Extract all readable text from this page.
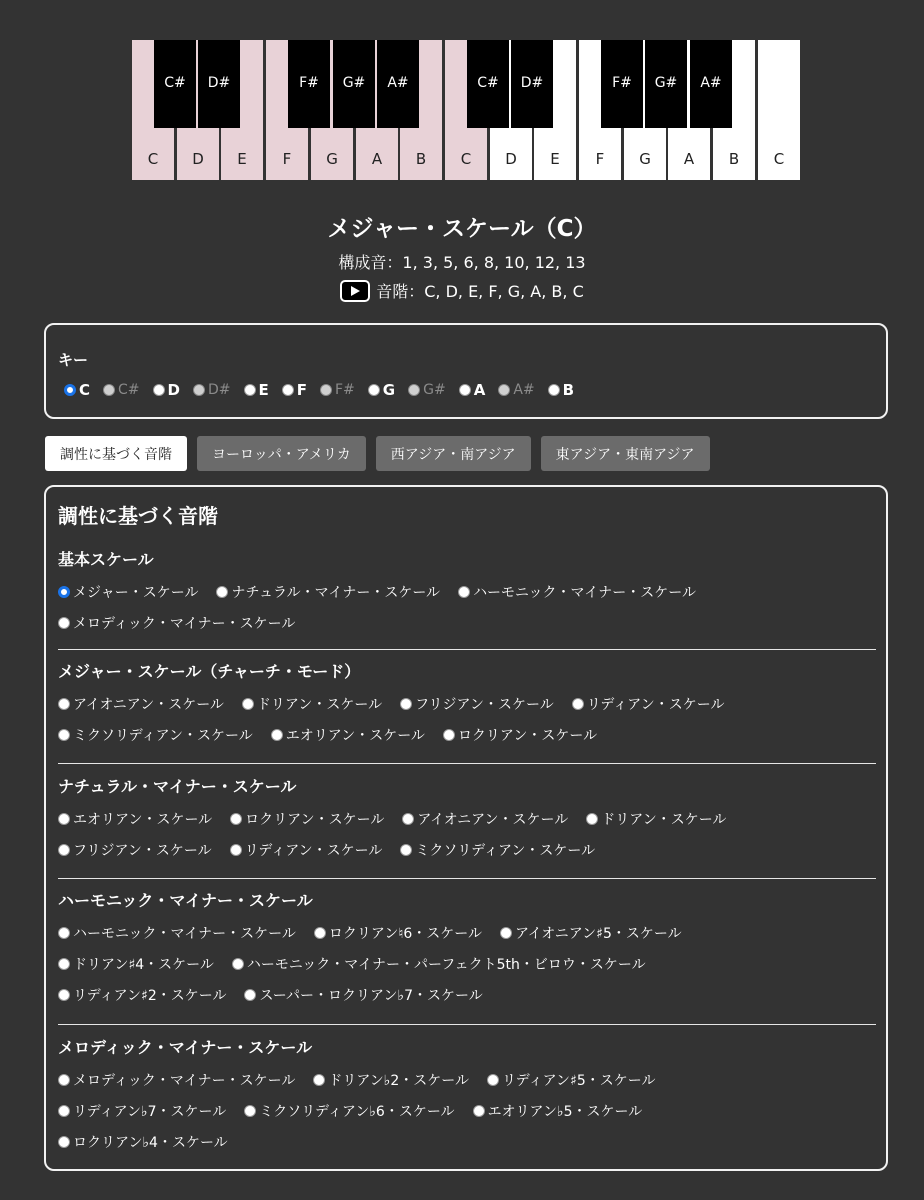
C	D	E	F	G	A	B	C	D	E	F	G	A	B	C
C#	D#	F#	G#	A#	C#	D#	F#	G#	A#
メジャー・スケール（C）
構成音：1, 3, 5, 6, 8, 10, 12, 13
音階：C, D, E, F, G, A, B, C
キー
C C# D D# E F F# G G# A A# B
調性に基づく音階	ヨーロッパ・アメリカ	西アジア・南アジア	東アジア・東南アジア
調性に基づく音階
基本スケール
メジャー・スケール ナチュラル・マイナー・スケール ハーモニック・マイナー・スケール
メロディック・マイナー・スケール
メジャー・スケール（チャーチ・モード）
アイオニアン・スケール ドリアン・スケール フリジアン・スケール リディアン・スケール
ミクソリディアン・スケール エオリアン・スケール ロクリアン・スケール
ナチュラル・マイナー・スケール
エオリアン・スケール ロクリアン・スケール アイオニアン・スケール ドリアン・スケール
フリジアン・スケール リディアン・スケール ミクソリディアン・スケール
ハーモニック・マイナー・スケール
ハーモニック・マイナー・スケール ロクリアン♮6・スケール アイオニアン♯5・スケール
ドリアン♯4・スケール ハーモニック・マイナー・パーフェクト5th・ビロウ・スケール
リディアン♯2・スケール スーパー・ロクリアン♭7・スケール
メロディック・マイナー・スケール
メロディック・マイナー・スケール ドリアン♭2・スケール リディアン♯5・スケール
リディアン♭7・スケール ミクソリディアン♭6・スケール エオリアン♭5・スケール
ロクリアン♭4・スケール
